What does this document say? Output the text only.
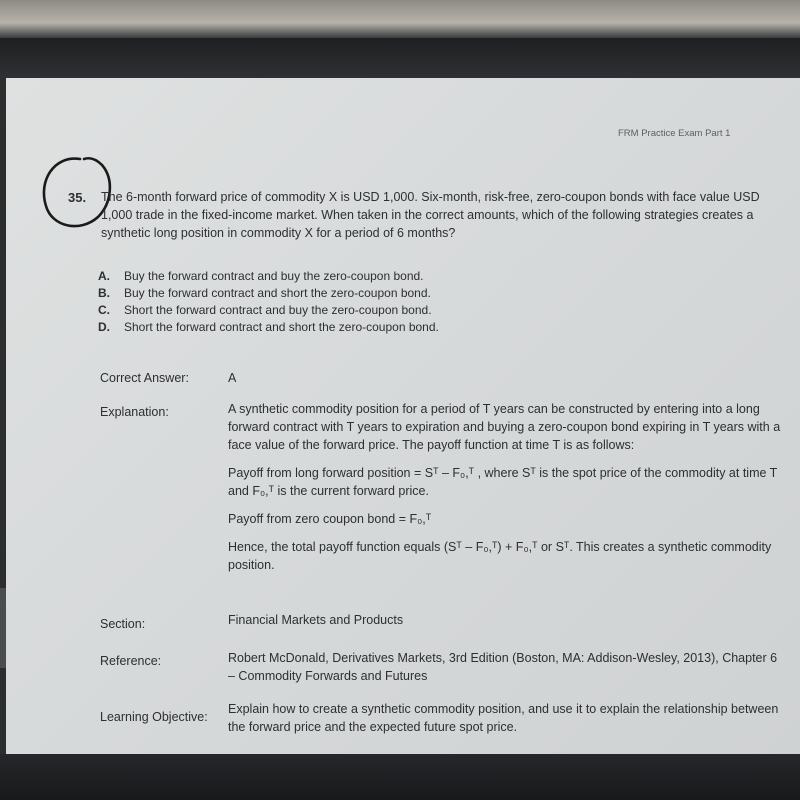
FRM Practice Exam Part 1
35. The 6-month forward price of commodity X is USD 1,000. Six-month, risk-free, zero-coupon bonds with face value USD 1,000 trade in the fixed-income market. When taken in the correct amounts, which of the following strategies creates a synthetic long position in commodity X for a period of 6 months?

A.	Buy the forward contract and buy the zero-coupon bond.
B.	Buy the forward contract and short the zero-coupon bond.
C.	Short the forward contract and buy the zero-coupon bond.
D.	Short the forward contract and short the zero-coupon bond.
Correct Answer:	A
Explanation:	A synthetic commodity position for a period of T years can be constructed by entering into a long forward contract with T years to expiration and buying a zero-coupon bond expiring in T years with a face value of the forward price. The payoff function at time T is as follows:

Payoff from long forward position = Sᵀ – F₀,ᵀ , where Sᵀ is the spot price of the commodity at time T and F₀,ᵀ is the current forward price.

Payoff from zero coupon bond = F₀,ᵀ

Hence, the total payoff function equals (Sᵀ – F₀,ᵀ) + F₀,ᵀ or Sᵀ. This creates a synthetic commodity position.

Section:	Financial Markets and Products
Reference:	Robert McDonald, Derivatives Markets, 3rd Edition (Boston, MA: Addison-Wesley, 2013), Chapter 6 – Commodity Forwards and Futures
Learning Objective:
Explain how to create a synthetic commodity position, and use it to explain the relationship between the forward price and the expected future spot price.
